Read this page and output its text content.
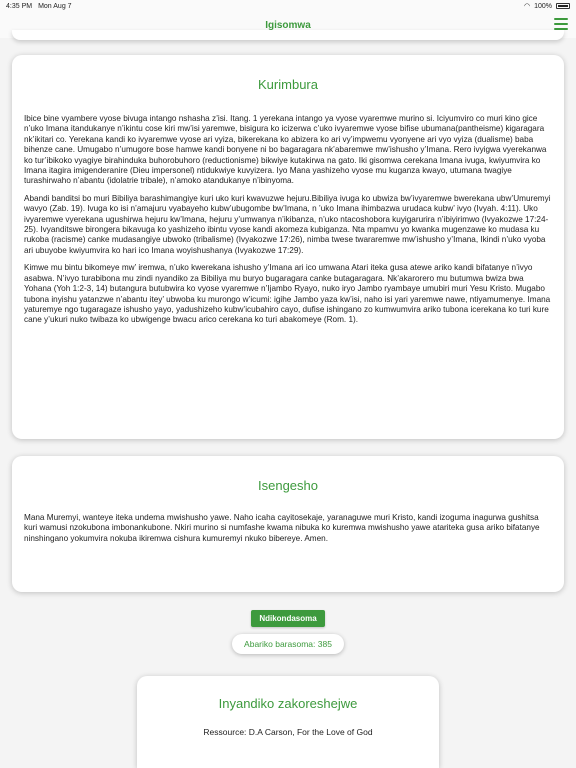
4:35 PM Mon Aug 7	◠ 100%
Igisomwa
Kurimbura

Ibice bine vyambere vyose bivuga intango nshasha z’isi. Itang. 1 yerekana intango ya vyose vyaremwe murino si. Iciyumviro co muri kino gice n’uko Imana itandukanye n’ikintu cose kiri mw’isi yaremwe, bisigura ko icizerwa c’uko ivyaremwe vyose bifise ubumana(pantheisme) kigaragara nk’ikitari co. Yerekana kandi ko ivyaremwe vyose ari vyiza, bikerekana ko abizera ko ari vy’impwemu vyonyene ari vyo vyiza (dualisme) baba bihenze cane. Umugabo n’umugore bose hamwe kandi bonyene ni bo bagaragara nk’abaremwe mw’ishusho y’Imana. Rero ivyigwa vyerekanwa ko tur’ibikoko vyagiye birahinduka buhorobuhoro (reductionisme) bikwiye kutakirwa na gato. Iki gisomwa cerekana Imana ivuga, kwiyumvira ko Imana itagira imigenderanire (Dieu impersonel) ntidukwiye kuvyizera. Iyo Mana yashizeho vyose mu kuganza kwayo, utumana twagiye turashirwaho n’abantu (idolatrie tribale), n’amoko atandukanye n’ibinyoma.

Abandi banditsi bo muri Bibiliya barashimangiye kuri uko kuri kwavuzwe hejuru.Bibiliya ivuga ko ubwiza bw’ivyaremwe bwerekana ubw’Umuremyi wavyo (Zab. 19). Ivuga ko isi n’amajuru vyabayeho kubw’ubugombe bw’Imana, n ’uko Imana ihimbazwa urudaca kubw’ ivyo (Ivyah. 4:11). Uko ivyaremwe vyerekana ugushirwa hejuru kw’Imana, hejuru y’umwanya n’ikibanza, n’uko ntacoshobora kuyigarurira n’ibiyirimwo (Ivyakozwe 17:24-25). Ivyanditswe birongera bikavuga ko yashizeho ibintu vyose kandi akomeza kubiganza. Nta mpamvu yo kwanka mugenzawe ko mudasa ku rukoba (racisme) canke mudasangiye ubwoko (tribalisme) (Ivyakozwe 17:26), nimba twese twararemwe mw’ishusho y’Imana, Ikindi n’uko vyoba ari ubuyobe kwiyumvira ko hari ico Imana woyishushanya (Ivyakozwe 17:29).

Kimwe mu bintu bikomeye mw’ iremwa, n’uko kwerekana ishusho y’Imana ari ico umwana Atari iteka gusa atewe ariko kandi bifatanye n’ivyo asabwa. N’ivyo turabibona mu zindi nyandiko za Bibiliya mu buryo bugaragara canke butagaragara. Nk’akarorero mu butumwa bwiza bwa Yohana (Yoh 1:2-3, 14) butangura butubwira ko vyose vyaremwe n’Ijambo Ryayo, nuko iryo Jambo ryambaye umubiri muri Yesu Kristo. Mugabo tubona inyishu yatanzwe n’abantu itey’ ubwoba ku murongo w’icumi: igihe Jambo yaza kw’isi, naho isi yari yaremwe nawe, ntiyamumenye. Imana yaturemye ngo tugaragaze ishusho yayo, yadushizeho kubw’icubahiro cayo, dufise ishingano zo kumwumvira ariko tubona icerekana ko turi kure cane y’ukuri nuko twibaza ko ubwigenge bwacu arico cerekana ko turi abakomeye (Rom. 1).

Isengesho

Mana Muremyi, wanteye iteka undema mwishusho yawe. Naho icaha cayitosekaje, yaranaguwe muri Kristo, kandi izoguma inagurwa gushitsa kuri wamusi nzokubona imbonankubone. Nkiri murino si numfashe kwama nibuka ko kuremwa mwishusho yawe atariteka gusa ariko bifatanye ninshingano yokumvira nokuba ikiremwa cishura kumuremyi nkuko bibereye. Amen.

Ndikondasoma
Abariko barasoma: 385
Inyandiko zakoreshejwe

Ressource: D.A Carson, For the Love of God
